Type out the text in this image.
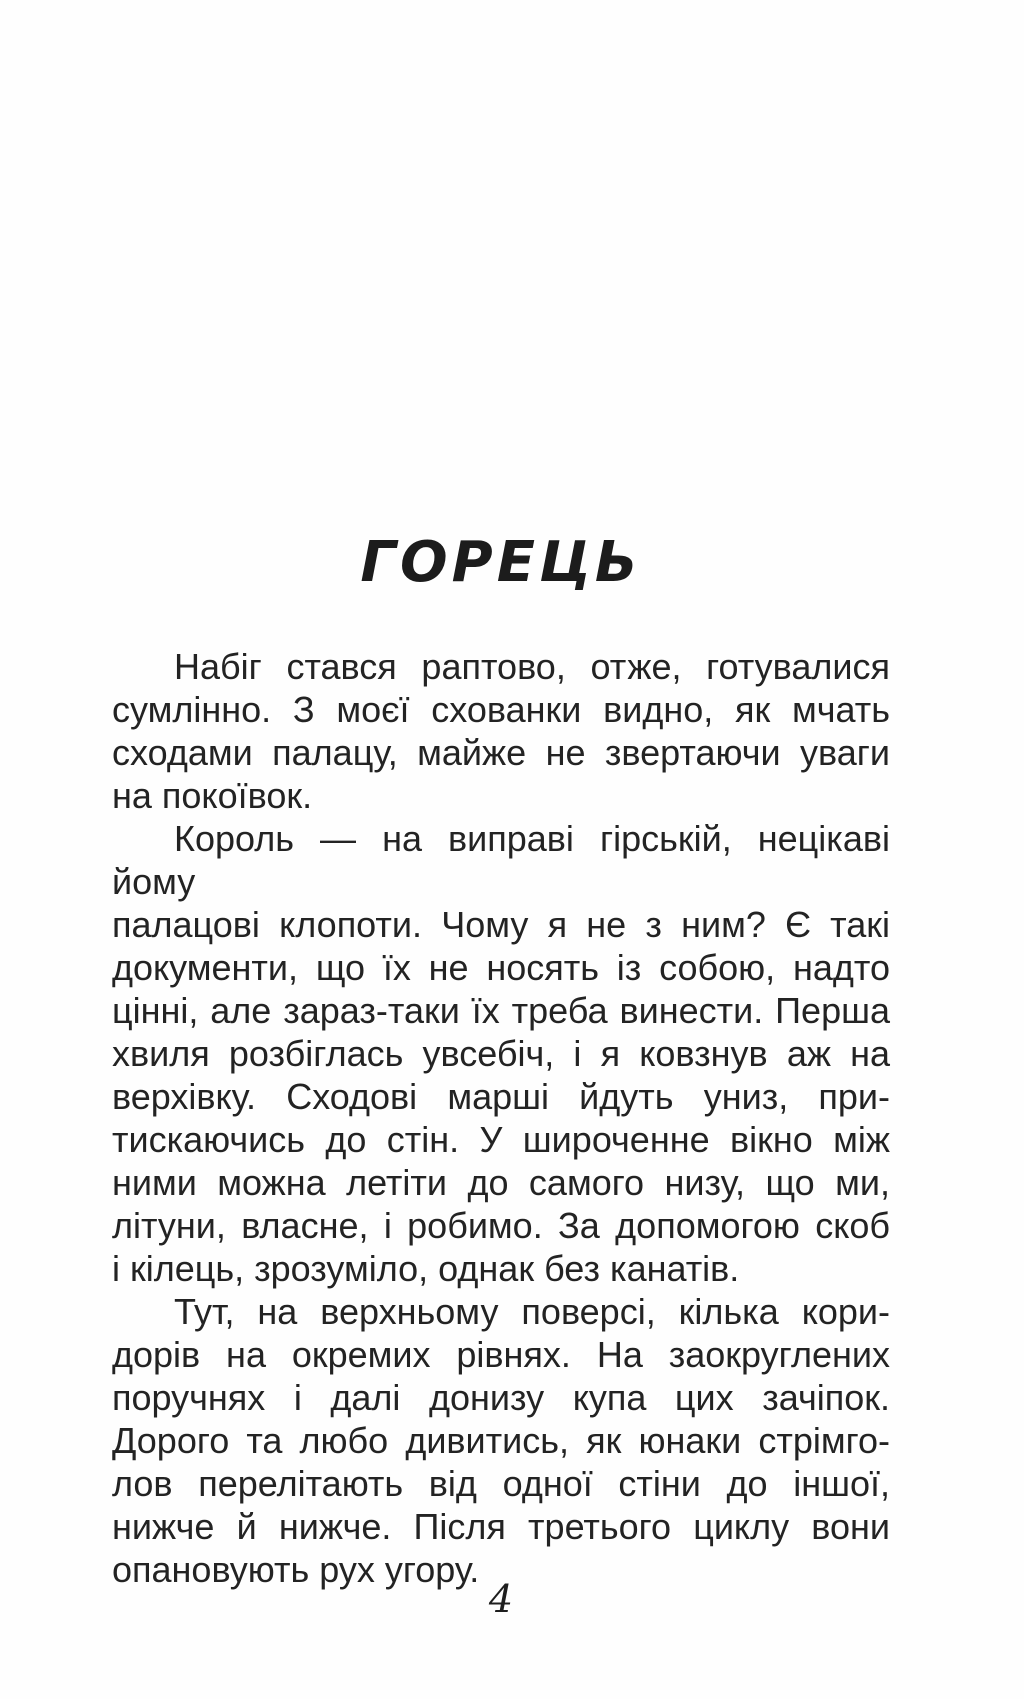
ГОРЕЦЬ
Набіг стався раптово, отже, готувалися
сумлінно. З моєї схованки видно, як мчать
сходами палацу, майже не звертаючи уваги
на покоївок.
Король — на виправі гірській, нецікаві йому
палацові клопоти. Чому я не з ним? Є такі
документи, що їх не носять із собою, надто
цінні, але зараз-таки їх треба винести. Перша
хвиля розбіглась увсебіч, і я ковзнув аж на
верхівку. Сходові марші йдуть униз, при-
тискаючись до стін. У широченне вікно між
ними можна летіти до самого низу, що ми,
літуни, власне, і робимо. За допомогою скоб
і кілець, зрозуміло, однак без канатів.
Тут, на верхньому поверсі, кілька кори-
дорів на окремих рівнях. На заокруглених
поручнях і далі донизу купа цих зачіпок.
Дорого та любо дивитись, як юнаки стрімго-
лов перелітають від одної стіни до іншої,
нижче й нижче. Після третього циклу вони
опановують рух угору.
4
